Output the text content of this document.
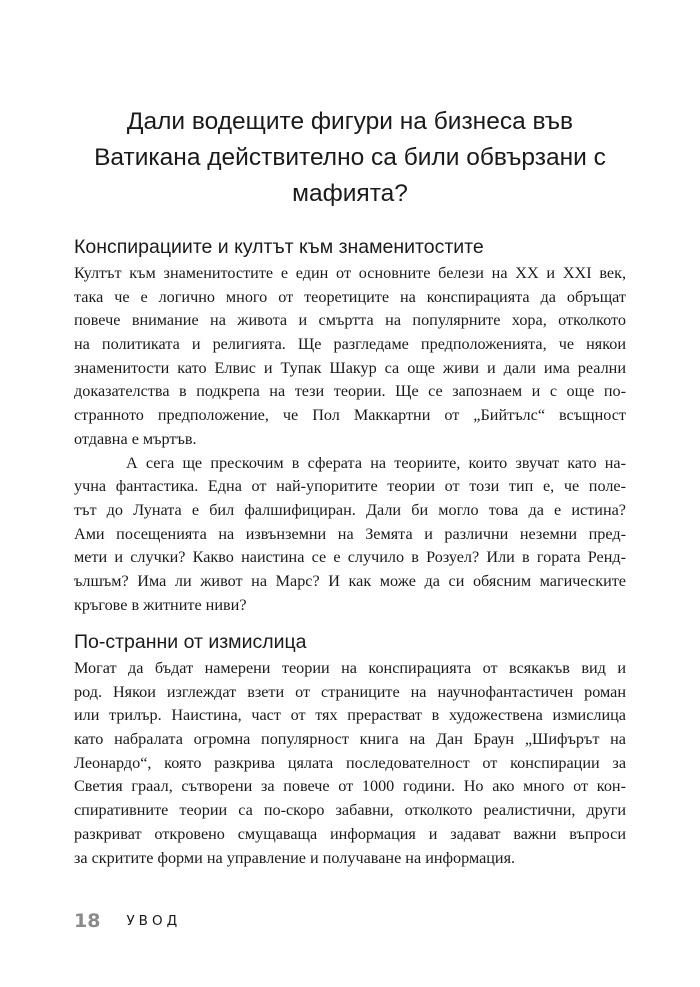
Дали водещите фигури на бизнеса във
Ватикана действително са били обвързани с
мафията?
Конспирациите и култът към знаменитостите
Култът към знаменитостите е един от основните белези на XX и XXI век,
така че е логично много от теоретиците на конспирацията да обръщат
повече внимание на живота и смъртта на популярните хора, отколкото
на политиката и религията. Ще разгледаме предположенията, че някои
знаменитости като Елвис и Тупак Шакур са още живи и дали има реални
доказателства в подкрепа на тези теории. Ще се запознаем и с още по-
странното предположение, че Пол Маккартни от „Бийтълс“ всъщност
отдавна е мъртъв.
А сега ще прескочим в сферата на теориите, които звучат като на-
учна фантастика. Една от най-упоритите теории от този тип е, че поле-
тът до Луната е бил фалшифициран. Дали би могло това да е истина?
Ами посещенията на извънземни на Земята и различни неземни пред-
мети и случки? Какво наистина се е случило в Розуел? Или в гората Ренд-
ълшъм? Има ли живот на Марс? И как може да си обясним магическите
кръгове в житните ниви?
По-странни от измислица
Могат да бъдат намерени теории на конспирацията от всякакъв вид и
род. Някои изглеждат взети от страниците на научнофантастичен роман
или трилър. Наистина, част от тях прерастват в художествена измислица
като набралата огромна популярност книга на Дан Браун „Шифърът на
Леонардо“, която разкрива цялата последователност от конспирации за
Светия граал, сътворени за повече от 1000 години. Но ако много от кон-
спиративните теории са по-скоро забавни, отколкото реалистични, други
разкриват откровено смущаваща информация и задават важни въпроси
за скритите форми на управление и получаване на информация.
18 УВОД
